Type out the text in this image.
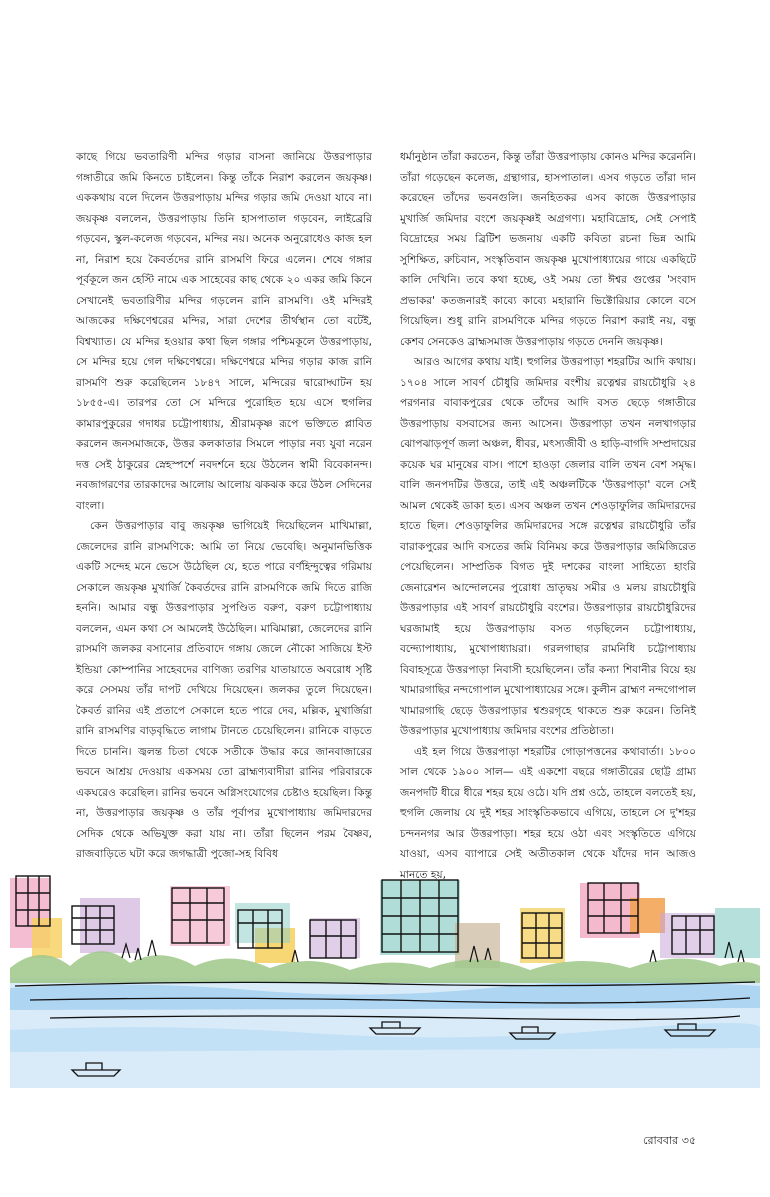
কাছে গিয়ে ভবতারিণী মন্দির গড়ার বাসনা জানিয়ে উত্তরপাড়ার গঙ্গাতীরে জমি কিনতে চাইলেন। কিন্তু তাঁকে নিরাশ করলেন জয়কৃষ্ণ। এককথায় বলে দিলেন উত্তরপাড়ায় মন্দির গড়ার জমি দেওয়া যাবে না। জয়কৃষ্ণ বললেন, উত্তরপাড়ায় তিনি হাসপাতাল গড়বেন, লাইব্রেরি গড়বেন, স্কুল-কলেজ গড়বেন, মন্দির নয়। অনেক অনুরোধেও কাজ হল না, নিরাশ হয়ে কৈবর্তদের রানি রাসমণি ফিরে এলেন। শেষে গঙ্গার পূর্বকূলে জন হেস্টি নামে এক সাহেবের কাছ থেকে ২০ একর জমি কিনে সেখানেই ভবতারিণীর মন্দির গড়লেন রানি রাসমণি। ওই মন্দিরই আজকের দক্ষিণেশ্বরের মন্দির, সারা দেশের তীর্থস্থান তো বটেই, বিশ্বখ্যাত। যে মন্দির হওয়ার কথা ছিল গঙ্গার পশ্চিমকূলে উত্তরপাড়ায়, সে মন্দির হয়ে গেল দক্ষিণেশ্বরে। দক্ষিণেশ্বরে মন্দির গড়ার কাজ রানি রাসমণি শুরু করেছিলেন ১৮৪৭ সালে, মন্দিরের দ্বারোদ্ঘাটন হয় ১৮৫৫-এ। তারপর তো সে মন্দিরে পুরোহিত হয়ে এসে হুগলির কামারপুকুরের গদাধর চট্টোপাধ্যায়, শ্রীরামকৃষ্ণ রূপে ভক্তিতে প্লাবিত করলেন জনসমাজকে, উত্তর কলকাতার সিমলে পাড়ার নব্য যুবা নরেন দত্ত সেই ঠাকুরের স্নেহস্পর্শে নবদর্শনে হয়ে উঠলেন স্বামী বিবেকানন্দ। নবজাগরণের তারকাদের আলোয় আলোয় ঝকঝক করে উঠল সেদিনের বাংলা।

কেন উত্তরপাড়ার বাবু জয়কৃষ্ণ ভাগিয়েই দিয়েছিলেন মাখিমাল্লা, জেলেদের রানি রাসমণিকে: আমি তা নিয়ে ভেবেছি। অনুমানভিত্তিক একটি সন্দেহ মনে ভেসে উঠেছিল যে, হতে পারে বর্ণহিন্দুত্বের গরিমায় সেকালে জয়কৃষ্ণ মুখার্জি কৈবর্তদের রানি রাসমণিকে জমি দিতে রাজি হননি। আমার বন্ধু উত্তরপাড়ার সুপণ্ডিত বরুণ, বরুণ চট্টোপাধ্যায় বললেন, এমন কথা সে আমলেই উঠেছিল। মাঝিমাল্লা, জেলেদের রানি রাসমণি জলকর বসানোর প্রতিবাদে গঙ্গায় জেলে নৌকো সাজিয়ে ইস্ট ইন্ডিয়া কোম্পানির সাহেবদের বাণিজ্য তরণির যাতায়াতে অবরোধ সৃষ্টি করে সেসময় তাঁর দাপট দেখিয়ে দিয়েছেন। জলকর তুলে দিয়েছেন। কৈবর্ত রানির এই প্রতাপে সেকালে হতে পারে দেব, মল্লিক, মুখার্জিরা রানি রাসমণির বাড়বৃদ্ধিতে লাগাম টানতে চেয়েছিলেন। রানিকে বাড়তে দিতে চাননি। জ্বলন্ত চিতা থেকে সতীকে উদ্ধার করে জানবাজারের ভবনে আশ্রয় দেওয়ায় একসময় তো ব্রাহ্মণ্যবাদীরা রানির পরিবারকে একঘরেও করেছিল। রানির ভবনে অগ্নিসংযোগের চেষ্টাও হয়েছিল। কিন্তু না, উত্তরপাড়ার জয়কৃষ্ণ ও তাঁর পূর্বাপর মুখোপাধ্যায় জমিদারদের সেদিক থেকে অভিযুক্ত করা যায় না। তাঁরা ছিলেন পরম বৈষ্ণব, রাজবাড়িতে ঘটা করে জগদ্ধাত্রী পুজো-সহ বিবিধ

ধর্মানুষ্ঠান তাঁরা করতেন, কিন্তু তাঁরা উত্তরপাড়ায় কোনও মন্দির করেননি। তাঁরা গড়েছেন কলেজ, গ্রন্থাগার, হাসপাতাল। এসব গড়তে তাঁরা দান করেছেন তাঁদের ভবনগুলি। জনহিতকর এসব কাজে উত্তরপাড়ার মুখার্জি জমিদার বংশে জয়কৃষ্ণই অগ্রগণ্য। মহাবিদ্রোহ, সেই সেপাই বিদ্রোহের সময় ব্রিটিশ ভজনায় একটি কবিতা রচনা ভিন্ন আমি সুশিক্ষিত, রুচিবান, সংস্কৃতিবান জয়কৃষ্ণ মুখোপাধ্যায়ের গায়ে একছিটে কালি দেখিনি। তবে কথা হচ্ছে, ওই সময় তো ঈশ্বর গুপ্তের 'সংবাদ প্রভাকর' কতজনারই কাব্যে কাব্যে মহারানি ভিক্টোরিয়ার কোলে বসে গিয়েছিল। শুধু রানি রাসমণিকে মন্দির গড়তে নিরাশ করাই নয়, বন্ধু কেশব সেনকেও ব্রাহ্মসমাজ উত্তরপাড়ায় গড়তে দেননি জয়কৃষ্ণ।

আরও আগের কথায় যাই। হুগলির উত্তরপাড়া শহরটির আদি কথায়। ১৭০৪ সালে সাবর্ণ চৌধুরি জমিদার বংশীয় রত্নেশ্বর রায়চৌধুরি ২৪ পরগনার বাবাকপুরের থেকে তাঁদের আদি বসত ছেড়ে গঙ্গাতীরে উত্তরপাড়ায় বসবাসের জন্য আসেন। উত্তরপাড়া তখন নলখাগড়ার ঝোপঝাড়পূর্ণ জলা অঞ্চল, ধীবর, মৎস্যজীবী ও হাড়ি-বাগদি সম্প্রদায়ের কয়েক ঘর মানুষের বাস। পাশে হাওড়া জেলার বালি তখন বেশ সমৃদ্ধ। বালি জনপদটির উত্তরে, তাই এই অঞ্চলটিকে 'উত্তরপাড়া' বলে সেই আমল থেকেই ডাকা হত। এসব অঞ্চল তখন শেওড়াফুলির জমিদারদের হাতে ছিল। শেওড়াফুলির জমিদারদের সঙ্গে রত্নেশ্বর রায়চৌধুরি তাঁর বারাকপুরের আদি বসতের জমি বিনিময় করে উত্তরপাড়ার জমিজিরেত পেয়েছিলেন। সাম্প্রতিক বিগত দুই দশকের বাংলা সাহিত্যে হাংরি জেনারেশন আন্দোলনের পুরোধা ভ্রাতৃদ্বয় সমীর ও মলয় রায়চৌধুরি উত্তরপাড়ার এই সাবর্ণ রায়চৌধুরি বংশের। উত্তরপাড়ার রায়চৌধুরিদের ঘরজামাই হয়ে উত্তরপাড়ায় বসত গড়ছিলেন চট্টোপাধ্যায়, বন্দ্যোপাধ্যায়, মুখোপাধ্যায়রা। গরলগাছার রামনিধি চট্টোপাধ্যায় বিবাহসূত্রে উত্তরপাড়া নিবাসী হয়েছিলেন। তাঁর কন্যা শিবানীর বিয়ে হয় খামারগাছির নন্দগোপাল মুখোপাধ্যায়ের সঙ্গে। কুলীন ব্রাহ্মণ নন্দগোপাল খামারগাছি ছেড়ে উত্তরপাড়ার শ্বশুরগৃহে থাকতে শুরু করেন। তিনিই উত্তরপাড়ার মুখোপাধ্যায় জমিদার বংশের প্রতিষ্ঠাতা।

এই হল গিয়ে উত্তরপাড়া শহরটির গোড়াপত্তনের কথাবার্তা। ১৮০০ সাল থেকে ১৯০০ সাল— এই একশো বছরে গঙ্গাতীরের ছোট্ট গ্রাম্য জনপদটি ধীরে ধীরে শহর হয়ে ওঠে। যদি প্রশ্ন ওঠে, তাহলে বলতেই হয়, হুগলি জেলায় যে দুই শহর সাংস্কৃতিকভাবে এগিয়ে, তাহলে সে দু'শহর চন্দননগর আর উত্তরপাড়া। শহর হয়ে ওঠা এবং সংস্কৃতিতে এগিয়ে যাওয়া, এসব ব্যাপারে সেই অতীতকাল থেকে যাঁদের দান আজও মানতে হয়,

রোববার ৩৫
